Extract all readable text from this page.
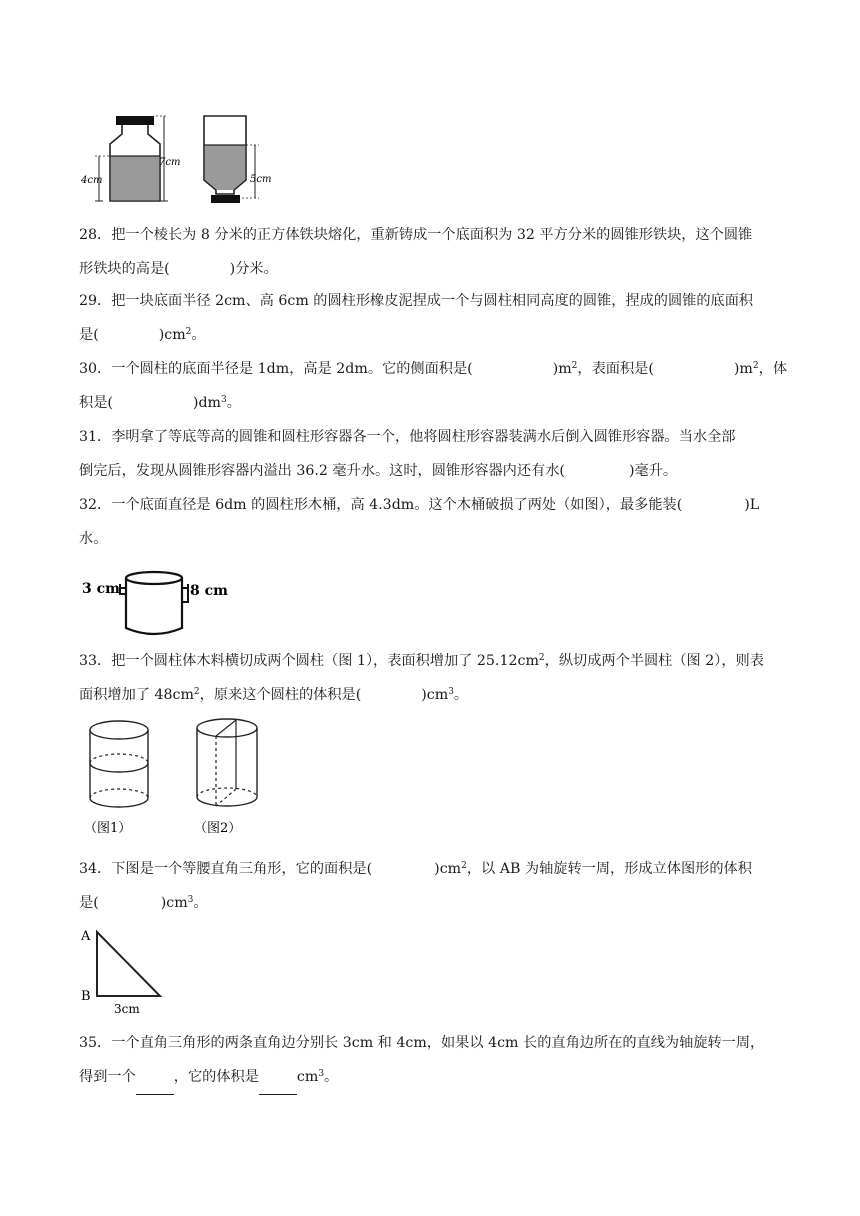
4cm
7cm
5cm

28．把一个棱长为 8 分米的正方体铁块熔化，重新铸成一个底面积为 32 平方分米的圆锥形铁块，这个圆锥

形铁块的高是(	)分米。

29．把一块底面半径 2cm、高 6cm 的圆柱形橡皮泥捏成一个与圆柱相同高度的圆锥，捏成的圆锥的底面积

是(	)$cm^2$。

30．一个圆柱的底面半径是 1dm，高是 2dm。它的侧面积是(	)$m^2$，表面积是(	)$m^2$，体

积是(	)$dm^3$。

31．李明拿了等底等高的圆锥和圆柱形容器各一个，他将圆柱形容器装满水后倒入圆锥形容器。当水全部

倒完后，发现从圆锥形容器内溢出 36.2 毫升水。这时，圆锥形容器内还有水(	)毫升。

32．一个底面直径是 6dm 的圆柱形木桶，高 4.3dm。这个木桶破损了两处（如图），最多能装(	)L

水。

3 cm	8 cm

33．把一个圆柱体木料横切成两个圆柱（图 1），表面积增加了 $25.12cm^2$，纵切成两个半圆柱（图 2），则表

面积增加了 $48cm^2$，原来这个圆柱的体积是(	)$cm^3$。

（图1）	（图2）

34．下图是一个等腰直角三角形，它的面积是(	)$cm^2$，以 AB 为轴旋转一周，形成立体图形的体积

是(	)$cm^3$。

A
B
3cm

35．一个直角三角形的两条直角边分别长 3cm 和 4cm，如果以 4cm 长的直角边所在的直线为轴旋转一周，

得到一个	，它的体积是	$cm^3$。
